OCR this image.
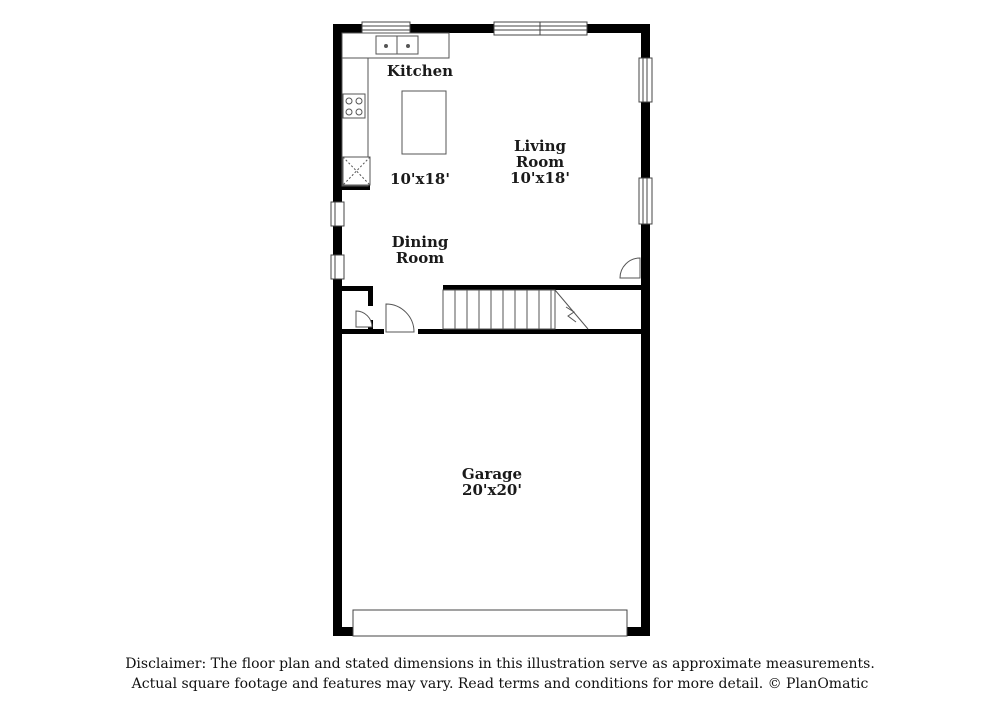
Kitchen
10'x18'
Living
Room
10'x18'
Dining
Room
Garage
20'x20'
Disclaimer: The floor plan and stated dimensions in this illustration serve as approximate measurements.
Actual square footage and features may vary. Read terms and conditions for more detail. © PlanOmatic
